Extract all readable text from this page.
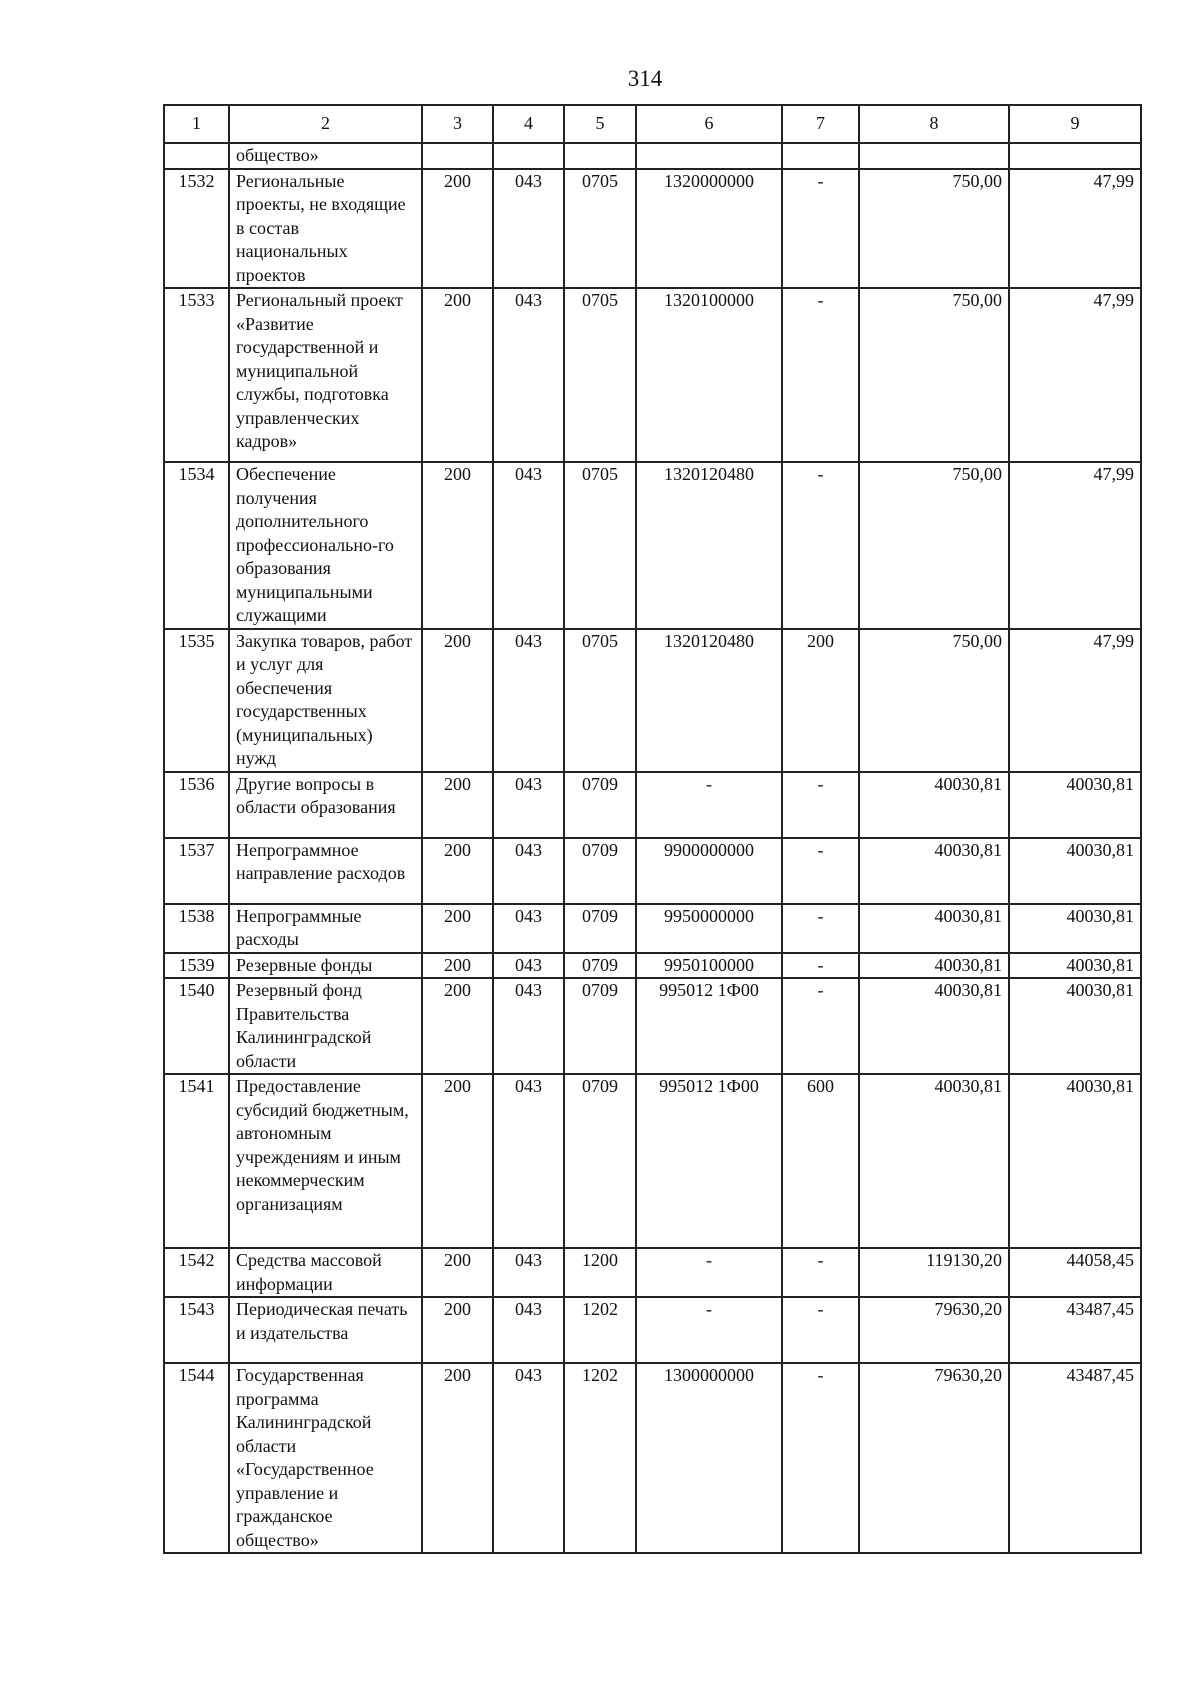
314
1	2	3	4	5	6	7	8	9
	общество»							
1532	Региональные проекты, не входящие в состав национальных проектов	200	043	0705	1320000000	-	750,00	47,99
1533	Региональный проект «Развитие государственной и муниципальной службы, подготовка управленческих кадров»	200	043	0705	1320100000	-	750,00	47,99
1534	Обеспечение получения дополнительного профессионально-го образования муниципальными служащими	200	043	0705	1320120480	-	750,00	47,99
1535	Закупка товаров, работ и услуг для обеспечения государственных (муниципальных) нужд	200	043	0705	1320120480	200	750,00	47,99
1536	Другие вопросы в области образования	200	043	0709	-	-	40030,81	40030,81
1537	Непрограммное направление расходов	200	043	0709	9900000000	-	40030,81	40030,81
1538	Непрограммные расходы	200	043	0709	9950000000	-	40030,81	40030,81
1539	Резервные фонды	200	043	0709	9950100000	-	40030,81	40030,81
1540	Резервный фонд Правительства Калининградской области	200	043	0709	995012 1Ф00	-	40030,81	40030,81
1541	Предоставление субсидий бюджетным, автономным учреждениям и иным некоммерческим организациям	200	043	0709	995012 1Ф00	600	40030,81	40030,81
1542	Средства массовой информации	200	043	1200	-	-	119130,20	44058,45
1543	Периодическая печать и издательства	200	043	1202	-	-	79630,20	43487,45
1544	Государственная программа Калининградской области «Государственное управление и гражданское общество»	200	043	1202	1300000000	-	79630,20	43487,45
